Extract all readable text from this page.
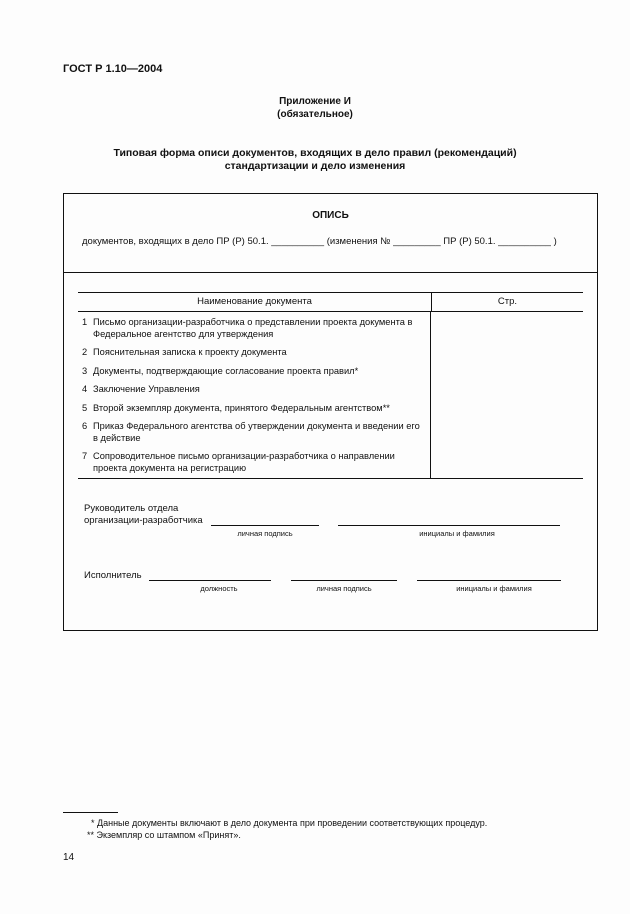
ГОСТ Р 1.10—2004
Приложение И
(обязательное)
Типовая форма описи документов, входящих в дело правил (рекомендаций)
стандартизации и дело изменения
ОПИСЬ
документов, входящих в дело ПР (Р) 50.1. __________ (изменения № _________ ПР (Р) 50.1. __________ )
Наименование документа	Стр.
1 Письмо организации-разработчика о представлении проекта документа в Федеральное агентство для утверждения
2 Пояснительная записка к проекту документа
3 Документы, подтверждающие согласование проекта правил*
4 Заключение Управления
5 Второй экземпляр документа, принятого Федеральным агентством**
6 Приказ Федерального агентства об утверждении документа и введении его в действие
7 Сопроводительное письмо организации-разработчика о направлении проекта документа на регистрацию
Руководитель отдела
организации-разработчика
личная подпись	инициалы и фамилия
Исполнитель
должность	личная подпись	инициалы и фамилия
* Данные документы включают в дело документа при проведении соответствующих процедур.
** Экземпляр со штампом «Принят».
14
